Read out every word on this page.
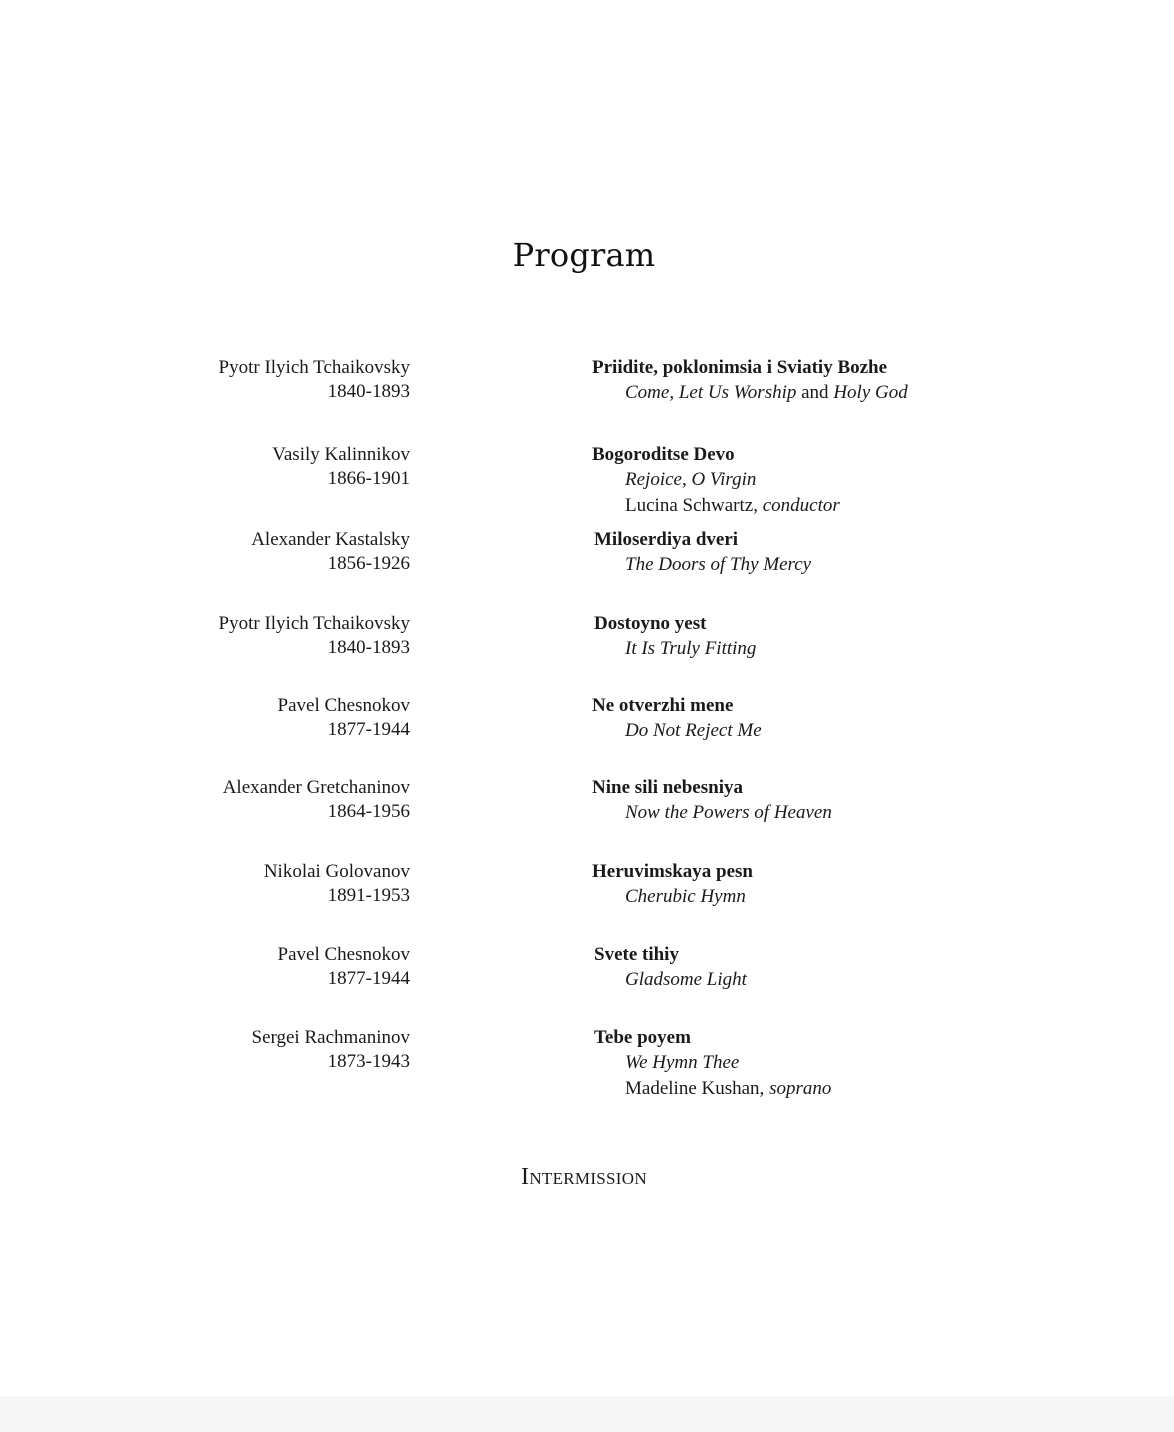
Program
Pyotr Ilyich Tchaikovsky
1840-1893
Priidite, poklonimsia i Sviatiy Bozhe
Come, Let Us Worship and Holy God
Vasily Kalinnikov
1866-1901
Bogoroditse Devo
Rejoice, O Virgin
Lucina Schwartz, conductor
Alexander Kastalsky
1856-1926
Miloserdiya dveri
The Doors of Thy Mercy
Pyotr Ilyich Tchaikovsky
1840-1893
Dostoyno yest
It Is Truly Fitting
Pavel Chesnokov
1877-1944
Ne otverzhi mene
Do Not Reject Me
Alexander Gretchaninov
1864-1956
Nine sili nebesniya
Now the Powers of Heaven
Nikolai Golovanov
1891-1953
Heruvimskaya pesn
Cherubic Hymn
Pavel Chesnokov
1877-1944
Svete tihiy
Gladsome Light
Sergei Rachmaninov
1873-1943
Tebe poyem
We Hymn Thee
Madeline Kushan, soprano
Intermission
